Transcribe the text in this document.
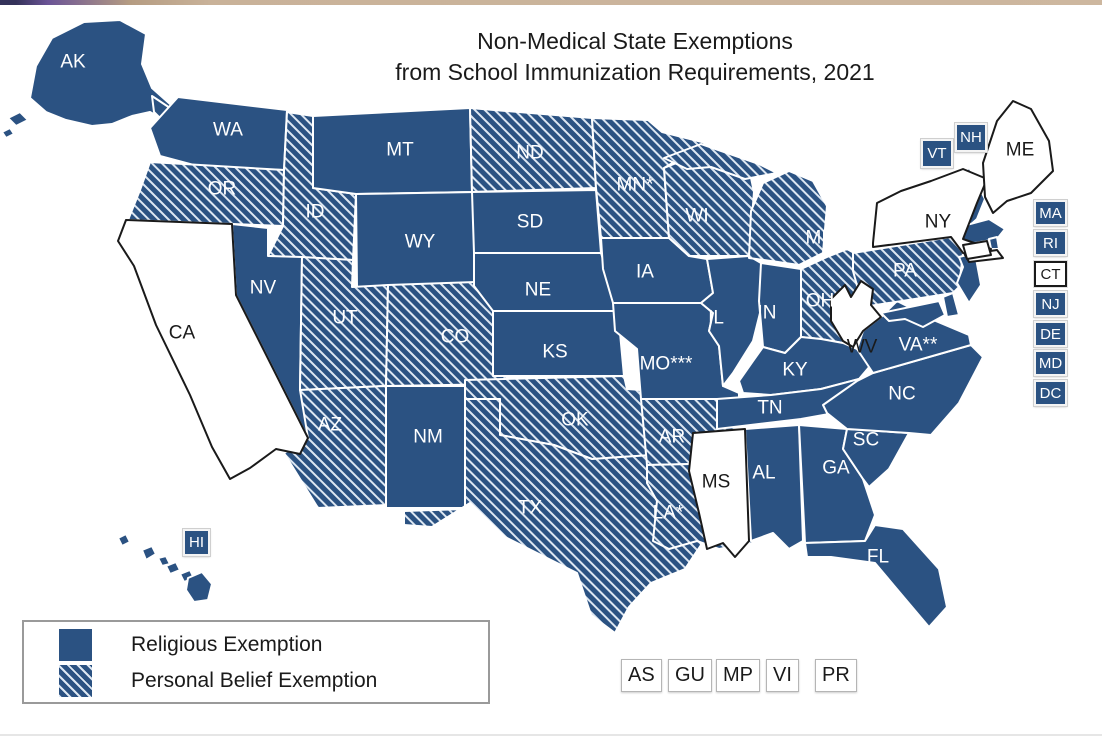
AK
WA
OR
ID
MT
WY
NV
UT
CO
AZ
NM
ND
SD
NE
KS
OK
TX
MN*
IA
MO***
AR
LA*
WI
IL IN
OH
MI
KY
TN
MS AL GA
FL
SC
NC
VA**
WV
PA
NY
ME
CA
Non-Medical State Exemptions
from School Immunization Requirements, 2021
Religious Exemption
Personal Belief Exemption
VT
NH
HI
MA
RI
CT
NJ
DE
MD
DC
AS	GU MP	VI	PR
